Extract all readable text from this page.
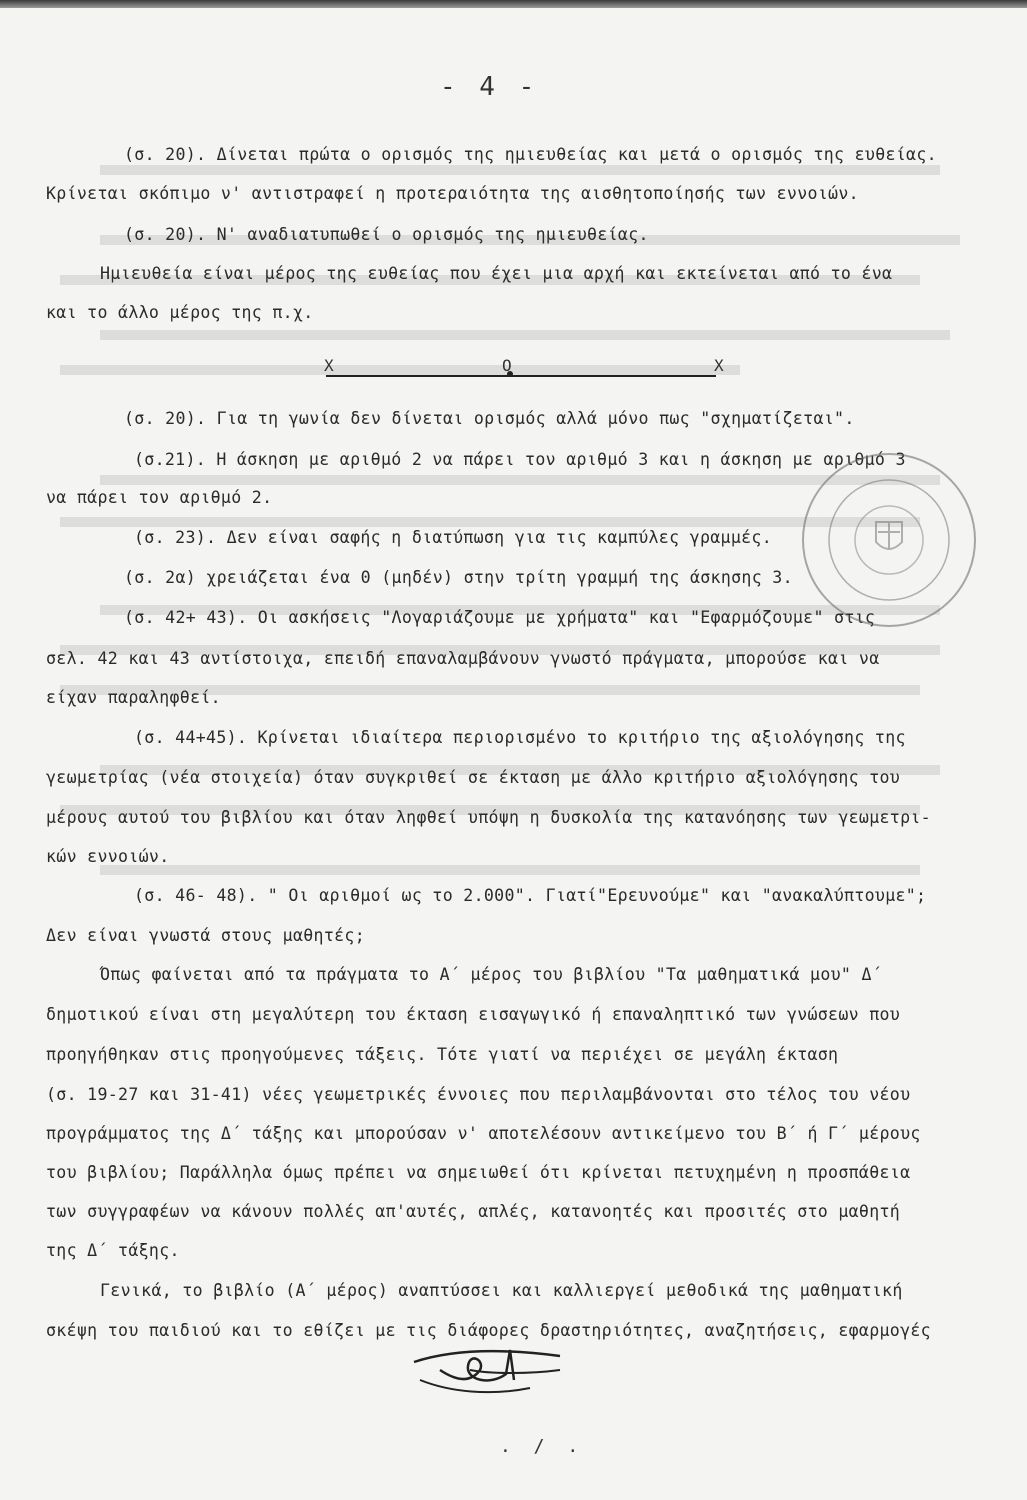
- 4 -
(σ. 20). Δίνεται πρώτα ο ορισμός της ημιευθείας και μετά ο ορισμός της ευθείας.
Κρίνεται σκόπιμο ν' αντιστραφεί η προτεραιότητα της αισθητοποίησής των εννοιών.
(σ. 20). Ν' αναδιατυπωθεί ο ορισμός της ημιευθείας.
Ημιευθεία είναι μέρος της ευθείας που έχει μια αρχή και εκτείνεται από το ένα
και το άλλο μέρος της π.χ.
X	O	X
(σ. 20). Για τη γωνία δεν δίνεται ορισμός αλλά μόνο πως "σχηματίζεται".
(σ.21). Η άσκηση με αριθμό 2 να πάρει τον αριθμό 3 και η άσκηση με αριθμό 3
να πάρει τον αριθμό 2.
(σ. 23). Δεν είναι σαφής η διατύπωση για τις καμπύλες γραμμές.
(σ. 2α) χρειάζεται ένα 0 (μηδέν) στην τρίτη γραμμή της άσκησης 3.
(σ. 42+ 43). Οι ασκήσεις "Λογαριάζουμε με χρήματα" και "Εφαρμόζουμε" στις
σελ. 42 και 43 αντίστοιχα, επειδή επαναλαμβάνουν γνωστό πράγματα, μπορούσε και να
είχαν παραληφθεί.
(σ. 44+45). Κρίνεται ιδιαίτερα περιορισμένο το κριτήριο της αξιολόγησης της
γεωμετρίας (νέα στοιχεία) όταν συγκριθεί σε έκταση με άλλο κριτήριο αξιολόγησης του
μέρους αυτού του βιβλίου και όταν ληφθεί υπόψη η δυσκολία της κατανόησης των γεωμετρι-
κών εννοιών.
(σ. 46- 48). " Οι αριθμοί ως το 2.000". Γιατί"Ερευνούμε" και "ανακαλύπτουμε";
Δεν είναι γνωστά στους μαθητές;
Όπως φαίνεται από τα πράγματα το Α΄ μέρος του βιβλίου "Τα μαθηματικά μου" Δ΄
δημοτικού είναι στη μεγαλύτερη του έκταση εισαγωγικό ή επαναληπτικό των γνώσεων που
προηγήθηκαν στις προηγούμενες τάξεις. Τότε γιατί να περιέχει σε μεγάλη έκταση
(σ. 19-27 και 31-41) νέες γεωμετρικές έννοιες που περιλαμβάνονται στο τέλος του νέου
προγράμματος της Δ΄ τάξης και μπορούσαν ν' αποτελέσουν αντικείμενο του Β΄ ή Γ΄ μέρους
του βιβλίου; Παράλληλα όμως πρέπει να σημειωθεί ότι κρίνεται πετυχημένη η προσπάθεια
των συγγραφέων να κάνουν πολλές απ'αυτές, απλές, κατανοητές και προσιτές στο μαθητή
της Δ΄ τάξης.
Γενικά, το βιβλίο (Α΄ μέρος) αναπτύσσει και καλλιεργεί μεθοδικά της μαθηματική
σκέψη του παιδιού και το εθίζει με τις διάφορες δραστηριότητες, αναζητήσεις, εφαρμογές
. / .
